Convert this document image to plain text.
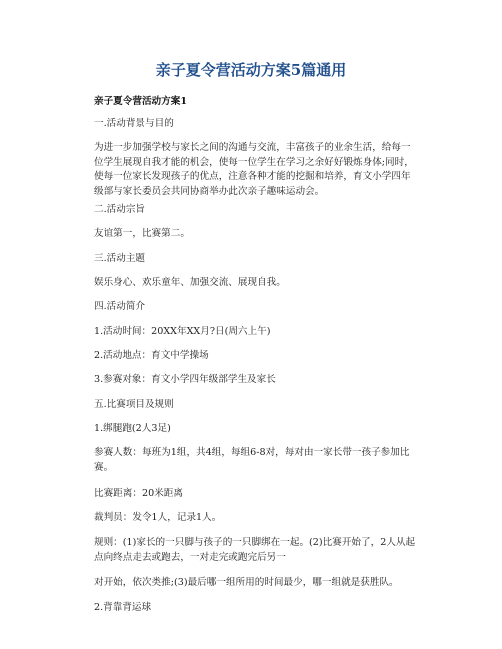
亲子夏令营活动方案5篇通用
亲子夏令营活动方案1

一.活动背景与目的

为进一步加强学校与家长之间的沟通与交流，丰富孩子的业余生活，给每一位学生展现自我才能的机会，使每一位学生在学习之余好好锻炼身体;同时，使每一位家长发现孩子的优点，注意各种才能的挖掘和培养，育文小学四年级部与家长委员会共同协商举办此次亲子趣味运动会。

二.活动宗旨

友谊第一，比赛第二。

三.活动主题

娱乐身心、欢乐童年、加强交流、展现自我。

四.活动简介

1.活动时间：20XX年XX月?日(周六上午)

2.活动地点：育文中学操场

3.参赛对象：育文小学四年级部学生及家长

五.比赛项目及规则

1.绑腿跑(2人3足)

参赛人数：每班为1组，共4组，每组6-8对，每对由一家长带一孩子参加比赛。

比赛距离：20米距离

裁判员：发令1人，记录1人。

规则：(1)家长的一只脚与孩子的一只脚绑在一起。(2)比赛开始了，2人从起点向终点走去或跑去，一对走完或跑完后另一

对开始，依次类推;(3)最后哪一组所用的时间最少，哪一组就是获胜队。

2.背靠背运球
